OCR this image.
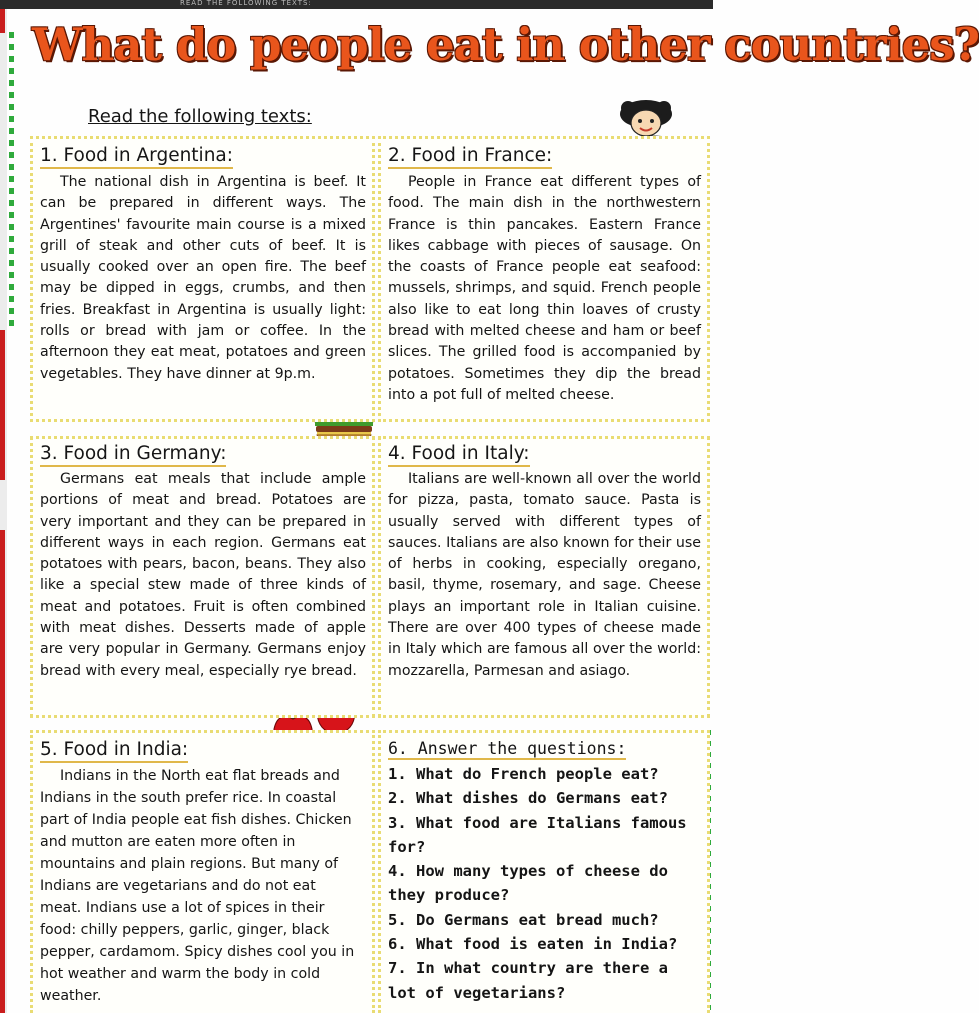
READ THE FOLLOWING TEXTS:
What do people eat in other countries?
Read the following texts:
1. Food in Argentina:
The national dish in Argentina is beef. It can be prepared in different ways. The Argentines' favourite main course is a mixed grill of steak and other cuts of beef. It is usually cooked over an open fire. The beef may be dipped in eggs, crumbs, and then fries. Breakfast in Argentina is usually light: rolls or bread with jam or coffee. In the afternoon they eat meat, potatoes and green vegetables. They have dinner at 9p.m.
2. Food in France:
People in France eat different types of food. The main dish in the northwestern France is thin pancakes. Eastern France likes cabbage with pieces of sausage. On the coasts of France people eat seafood: mussels, shrimps, and squid. French people also like to eat long thin loaves of crusty bread with melted cheese and ham or beef slices. The grilled food is accompanied by potatoes. Sometimes they dip the bread into a pot full of melted cheese.
3. Food in Germany:
Germans eat meals that include ample portions of meat and bread. Potatoes are very important and they can be prepared in different ways in each region. Germans eat potatoes with pears, bacon, beans. They also like a special stew made of three kinds of meat and potatoes. Fruit is often combined with meat dishes. Desserts made of apple are very popular in Germany. Germans enjoy bread with every meal, especially rye bread.
4. Food in Italy:
Italians are well-known all over the world for pizza, pasta, tomato sauce. Pasta is usually served with different types of sauces. Italians are also known for their use of herbs in cooking, especially oregano, basil, thyme, rosemary, and sage. Cheese plays an important role in Italian cuisine. There are over 400 types of cheese made in Italy which are famous all over the world: mozzarella, Parmesan and asiago.
5. Food in India:
Indians in the North eat flat breads and Indians in the south prefer rice. In coastal part of India people eat fish dishes. Chicken and mutton are eaten more often in mountains and plain regions. But many of Indians are vegetarians and do not eat meat. Indians use a lot of spices in their food: chilly peppers, garlic, ginger, black pepper, cardamom. Spicy dishes cool you in hot weather and warm the body in cold weather.
6. Answer the questions:
1. What do French people eat?
2. What dishes do Germans eat?
3. What food are Italians famous for?
4. How many types of cheese do they produce?
5. Do Germans eat bread much?
6. What food is eaten in India?
7. In what country are there a lot of vegetarians?
